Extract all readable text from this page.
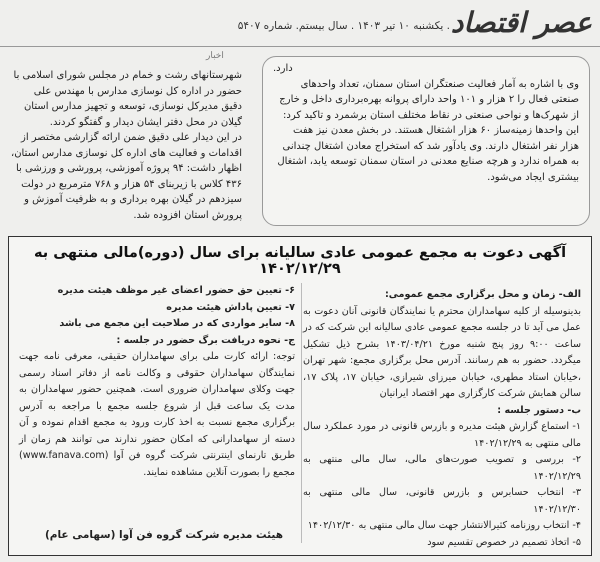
عصر اقتصاد
. یکشنبه ۱۰ تیر ۱۴۰۳ . سال بیستم. شماره ۵۴۰۷
اخبار

شهرستانهای رشت و خمام در مجلس شورای اسلامی با حضور در اداره کل نوسازی مدارس با مهندس علی دقیق مدیرکل نوسازی، توسعه و تجهیز مدارس استان گیلان در محل دفتر ایشان دیدار و گفتگو کردند.

در این دیدار علی دقیق ضمن ارائه گزارشی مختصر از اقدامات و فعالیت های اداره کل نوسازی مدارس استان، اظهار داشت: ۹۴ پروژه آموزشی، پرورشی و ورزشی با ۴۳۶ کلاس با زیربنای ۵۴ هزار و ۷۶۸ مترمربع در دولت سیزدهم در گیلان بهره برداری و به ظرفیت آموزش و پرورش استان افزوده شد.

دارد.

وی با اشاره به آمار فعالیت صنعتگران استان سمنان، تعداد واحدهای صنعتی فعال را ۲ هزار و ۱۰۱ واحد دارای پروانه بهره‌برداری داخل و خارج از شهرک‌ها و نواحی صنعتی در نقاط مختلف استان برشمرد و تاکید کرد: این واحدها زمینه‌ساز ۶۰ هزار اشتغال هستند. در بخش معدن نیز هفت هزار نفر اشتغال دارند. وی یادآور شد که استخراج معادن اشتغال چندانی به همراه ندارد و هرچه صنایع معدنی در استان سمنان توسعه یابد، اشتغال بیشتری ایجاد می‌شود.

آگهی دعوت به مجمع عمومی عادی سالیانه برای سال (دوره)مالی منتهی به ۱۴۰۲/۱۲/۲۹

الف- زمان و محل برگزاری مجمع عمومی:

بدینوسیله از کلیه سهامداران محترم یا نمایندگان قانونی آنان دعوت به عمل می آید تا در جلسه مجمع عمومی عادی سالیانه این شرکت که در ساعت ۹:۰۰ روز پنج شنبه مورخ ۱۴۰۳/۰۴/۲۱ بشرح ذیل تشکیل میگردد. حضور به هم رسانند. آدرس محل برگزاری مجمع: شهر تهران ،خیابان استاد مطهری، خیابان میرزای شیرازی، خیابان ۱۷، پلاک ۱۷، سالن همایش شرکت کارگزاری مهر اقتصاد ایرانیان

ب- دستور جلسه :

۱- استماع گزارش هیئت مدیره و بازرس قانونی در مورد عملکرد سال مالی منتهی به ۱۴۰۲/۱۲/۲۹

۲- بررسی و تصویب صورت‌های مالی، سال مالی منتهی به ۱۴۰۲/۱۲/۲۹

۳- انتخاب حسابرس و بازرس قانونی، سال مالی منتهی به ۱۴۰۲/۱۲/۳۰

۴- انتخاب روزنامه کثیرالانتشار جهت سال مالی منتهی به ۱۴۰۲/۱۲/۳۰

۵- اتخاذ تصمیم در خصوص تقسیم سود

۶- تعیین حق حضور اعضای غیر موظف هیئت مدیره

۷- تعیین پاداش هیئت مدیره

۸- سایر مواردی که در صلاحیت این مجمع می باشد

ج- نحوه دریافت برگ حضور در جلسه :

توجه: ارائه کارت ملی برای سهامداران حقیقی، معرفی نامه جهت نمایندگان سهامداران حقوقی و وکالت نامه از دفاتر اسناد رسمی جهت وکلای سهامداران ضروری است. همچنین حضور سهامداران به مدت یک ساعت قبل از شروع جلسه مجمع با مراجعه به آدرس برگزاری مجمع نسبت به اخذ کارت ورود به مجمع اقدام نموده و آن دسته از سهامدارانی که امکان حضور ندارند می توانند هم زمان از طریق تارنمای اینترنتی شرکت گروه فن آوا (www.fanava.com) مجمع را بصورت آنلاین مشاهده نمایند.

هیئت مدیره شرکت گروه فن آوا (سهامی عام)
